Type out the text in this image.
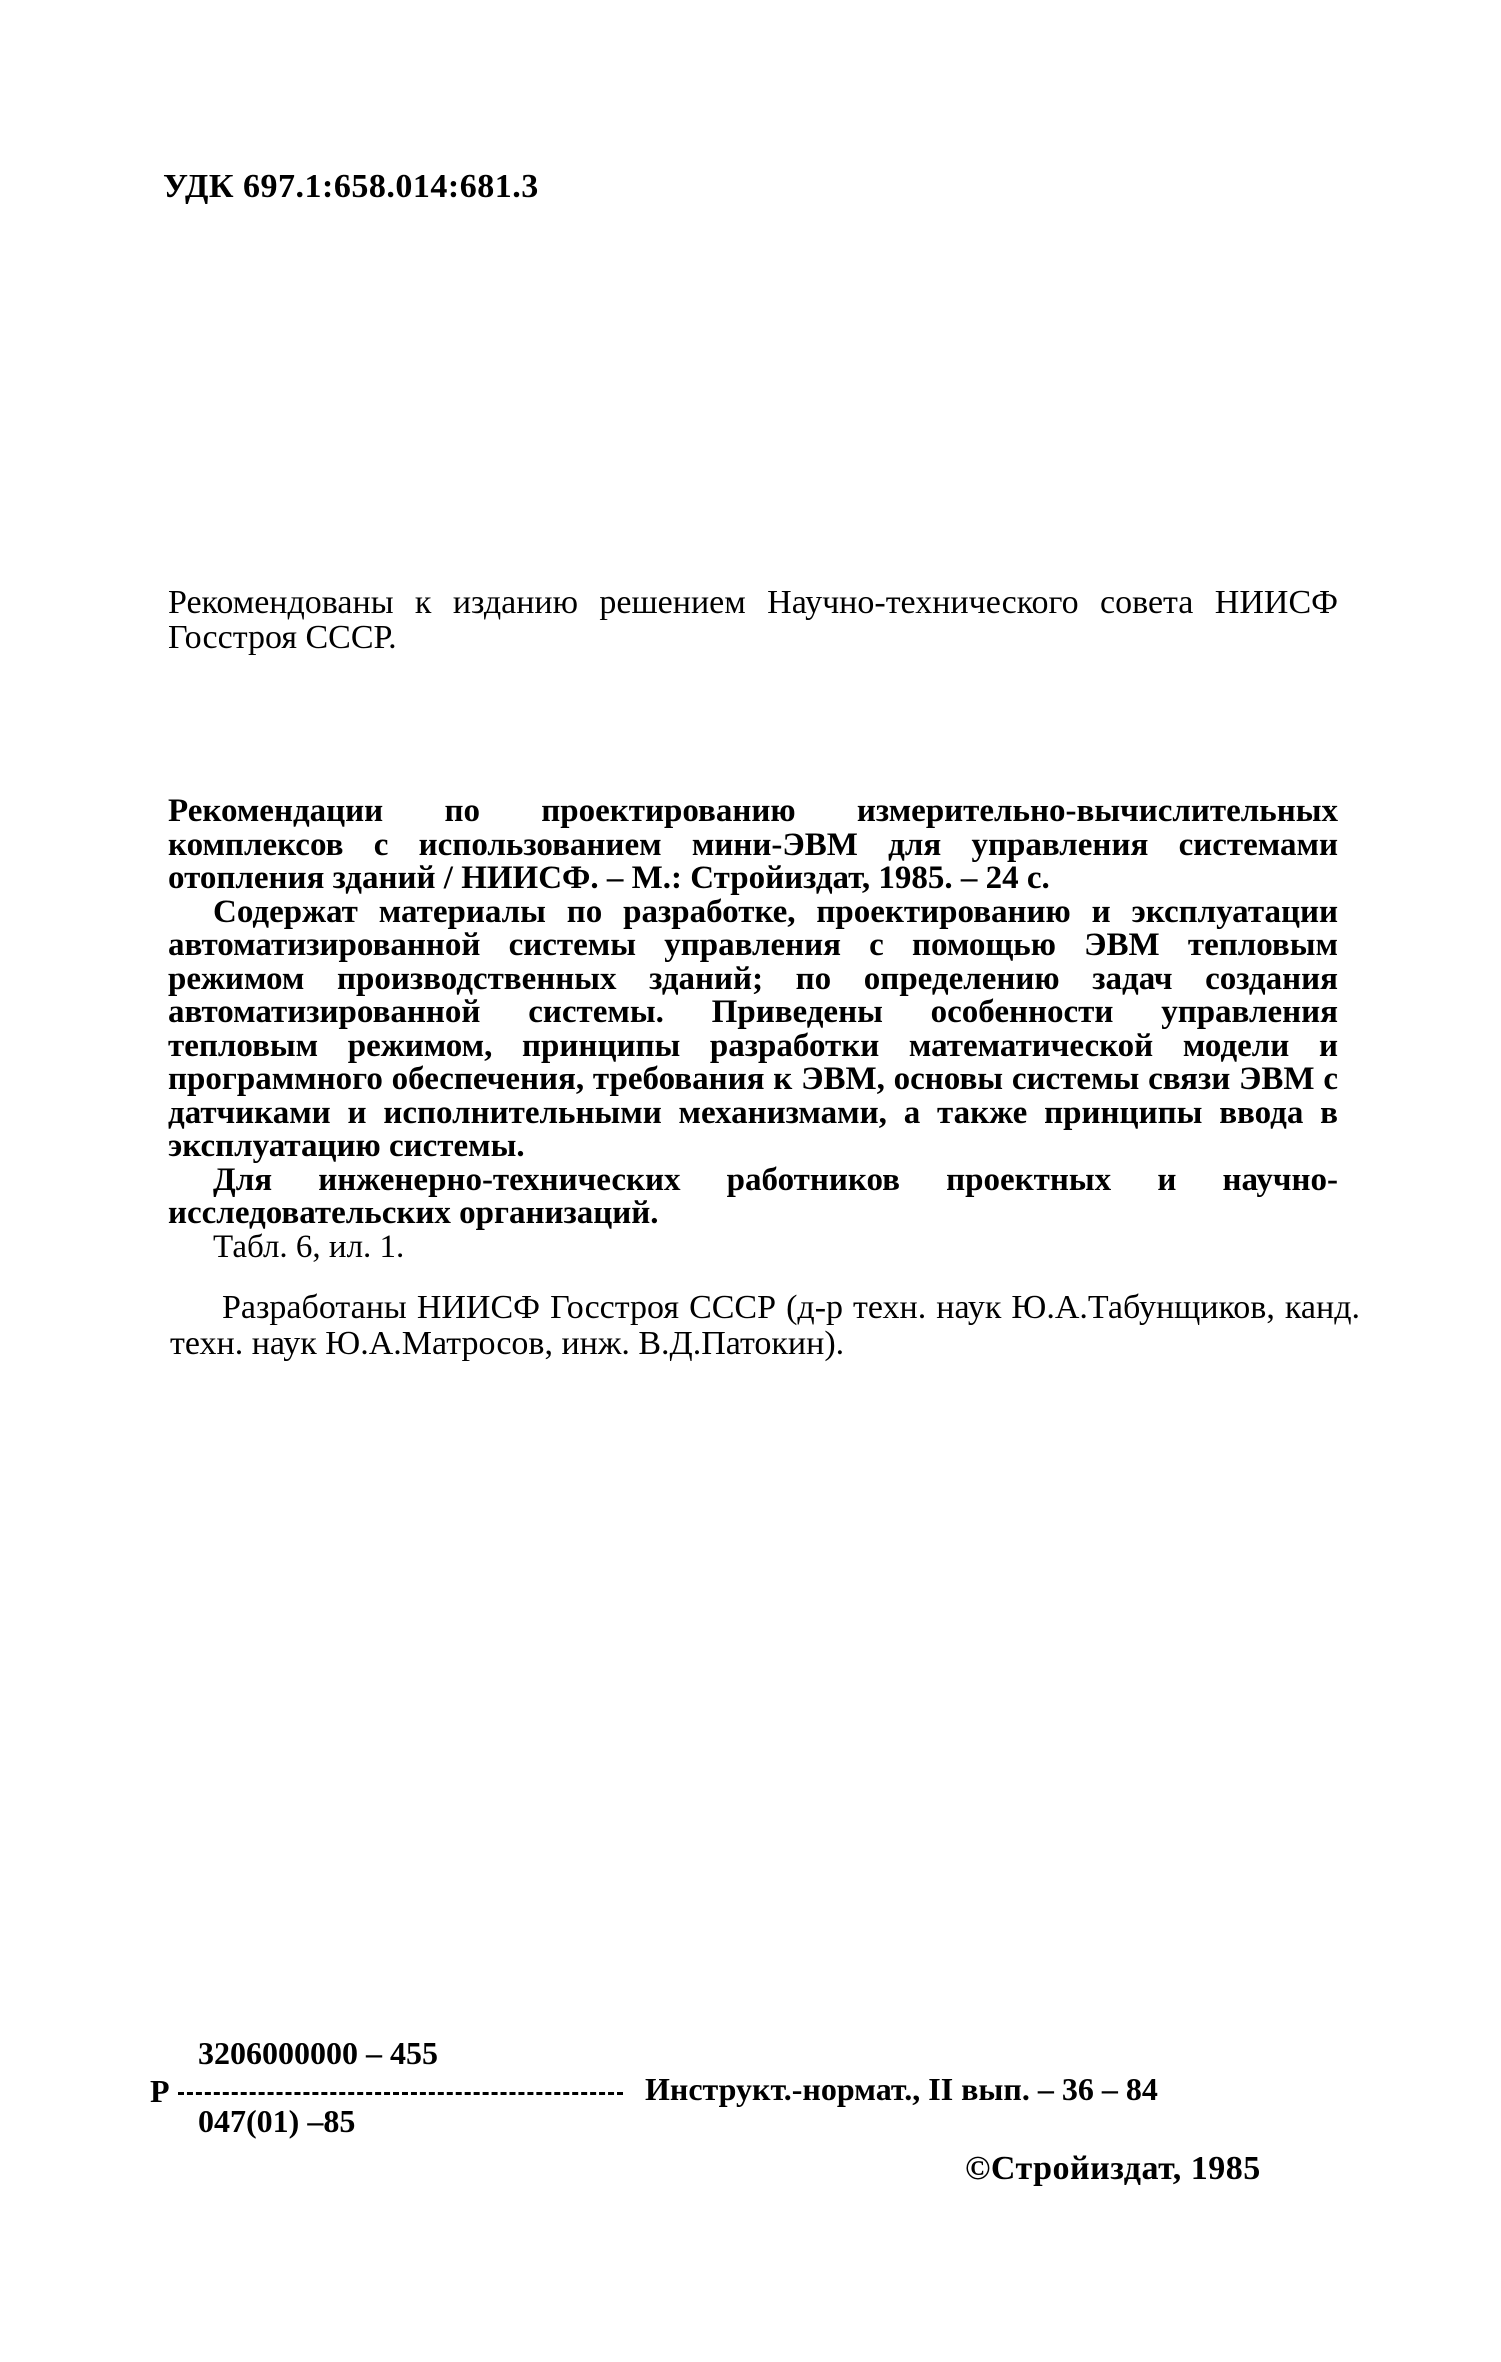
УДК 697.1:658.014:681.3

Рекомендованы к изданию решением Научно-технического совета НИИСФ Госстроя СССР.

Рекомендации по проектированию измерительно-вычислительных комплексов с использованием мини-ЭВМ для управления системами отопления зданий / НИИСФ. – М.: Стройиздат, 1985. – 24 с.

Содержат материалы по разработке, проектированию и эксплуатации автоматизированной системы управления с помощью ЭВМ тепловым режимом производственных зданий; по определению задач создания автоматизированной системы. Приведены особенности управления тепловым режимом, принципы разработки математической модели и программного обеспечения, требования к ЭВМ, основы системы связи ЭВМ с датчиками и исполнительными механизмами, а также принципы ввода в эксплуатацию системы.

Для инженерно-технических работников проектных и научно-исследовательских организаций.

Табл. 6, ил. 1.

Разработаны НИИСФ Госстроя СССР (д-р техн. наук Ю.А.Табунщиков, канд. техн. наук Ю.А.Матросов, инж. В.Д.Патокин).

Р
3206000000 – 455
047(01) –85
Инструкт.-нормат., II вып. – 36 – 84
©Стройиздат, 1985
